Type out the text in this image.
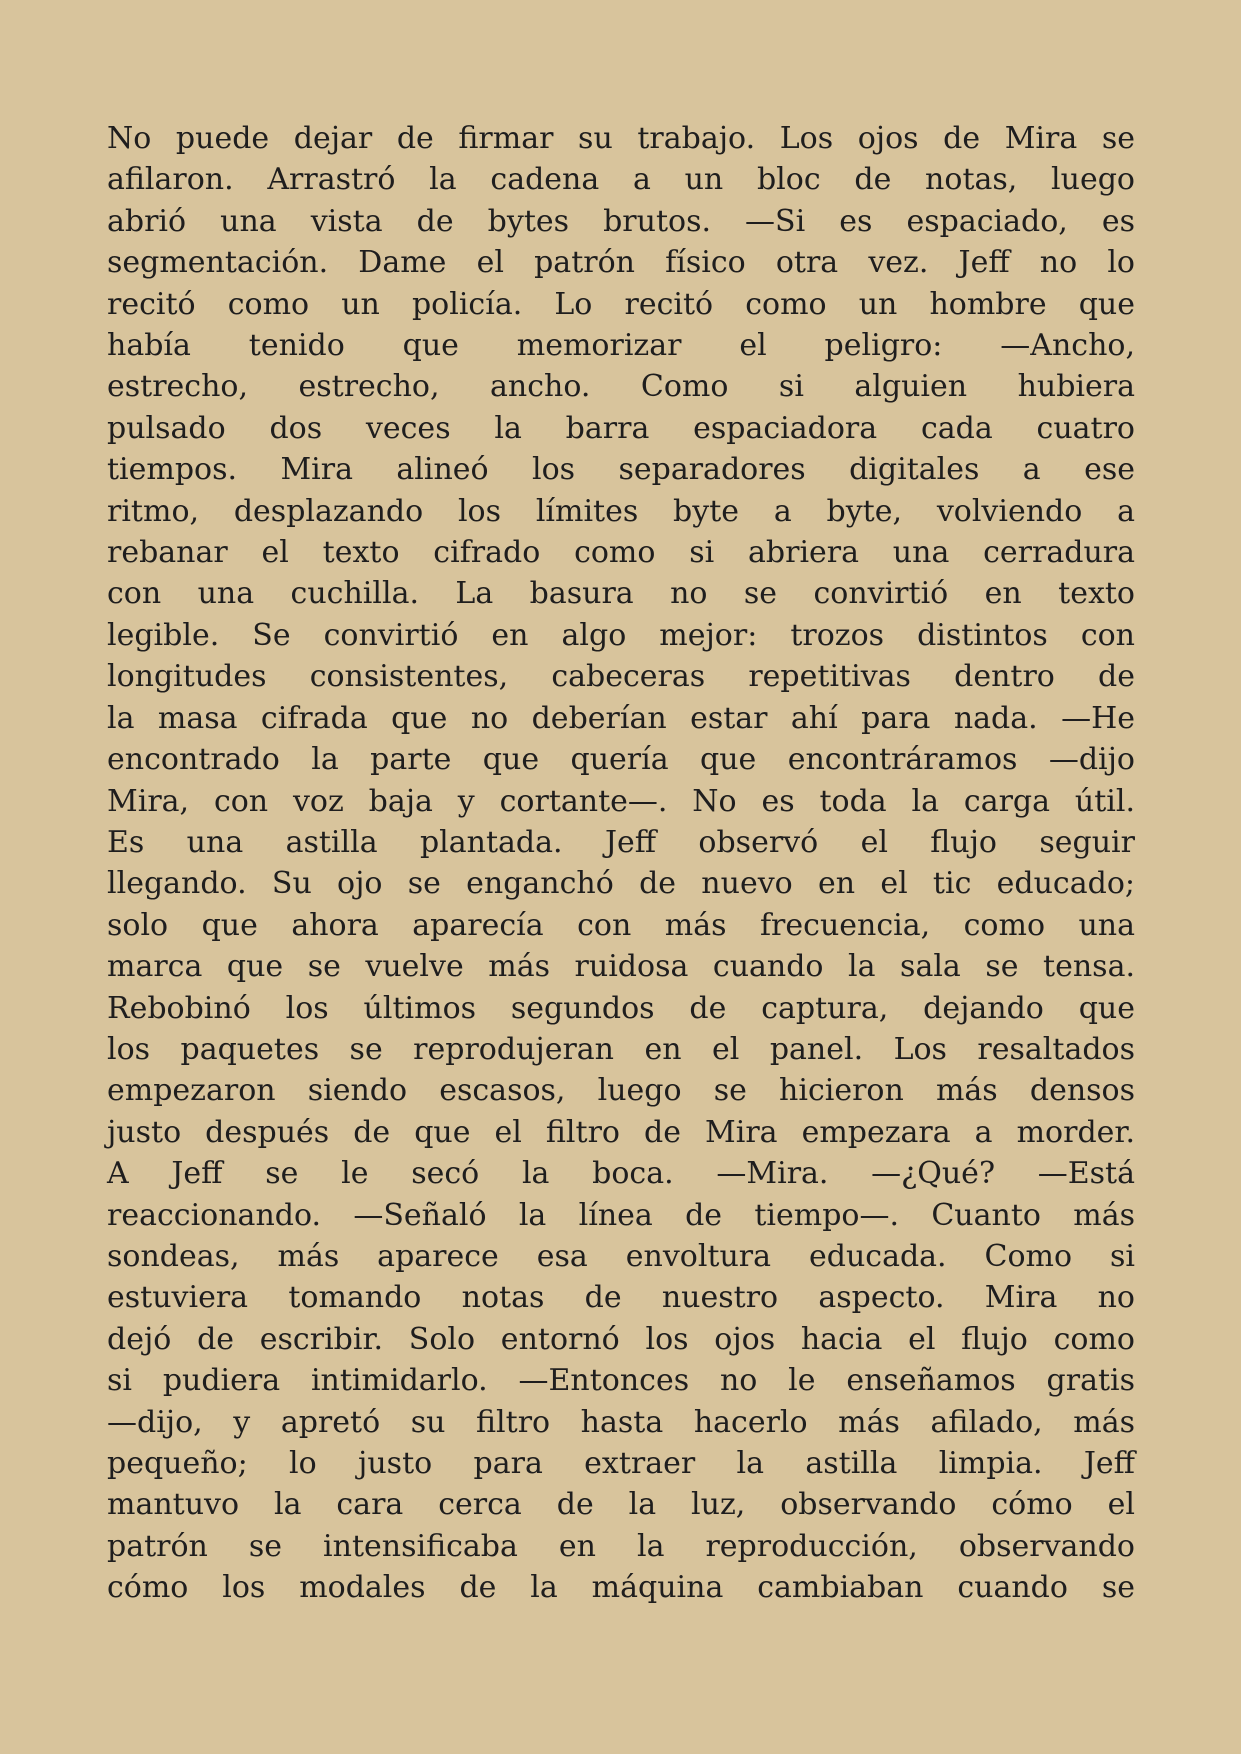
No puede dejar de firmar su trabajo. Los ojos de Mira se
afilaron. Arrastró la cadena a un bloc de notas, luego
abrió una vista de bytes brutos. —Si es espaciado, es
segmentación. Dame el patrón físico otra vez. Jeff no lo
recitó como un policía. Lo recitó como un hombre que
había tenido que memorizar el peligro: —Ancho,
estrecho, estrecho, ancho. Como si alguien hubiera
pulsado dos veces la barra espaciadora cada cuatro
tiempos. Mira alineó los separadores digitales a ese
ritmo, desplazando los límites byte a byte, volviendo a
rebanar el texto cifrado como si abriera una cerradura
con una cuchilla. La basura no se convirtió en texto
legible. Se convirtió en algo mejor: trozos distintos con
longitudes consistentes, cabeceras repetitivas dentro de
la masa cifrada que no deberían estar ahí para nada. —He
encontrado la parte que quería que encontráramos —dijo
Mira, con voz baja y cortante—. No es toda la carga útil.
Es una astilla plantada. Jeff observó el flujo seguir
llegando. Su ojo se enganchó de nuevo en el tic educado;
solo que ahora aparecía con más frecuencia, como una
marca que se vuelve más ruidosa cuando la sala se tensa.
Rebobinó los últimos segundos de captura, dejando que
los paquetes se reprodujeran en el panel. Los resaltados
empezaron siendo escasos, luego se hicieron más densos
justo después de que el filtro de Mira empezara a morder.
A Jeff se le secó la boca. —Mira. —¿Qué? —Está
reaccionando. —Señaló la línea de tiempo—. Cuanto más
sondeas, más aparece esa envoltura educada. Como si
estuviera tomando notas de nuestro aspecto. Mira no
dejó de escribir. Solo entornó los ojos hacia el flujo como
si pudiera intimidarlo. —Entonces no le enseñamos gratis
—dijo, y apretó su filtro hasta hacerlo más afilado, más
pequeño; lo justo para extraer la astilla limpia. Jeff
mantuvo la cara cerca de la luz, observando cómo el
patrón se intensificaba en la reproducción, observando
cómo los modales de la máquina cambiaban cuando se
